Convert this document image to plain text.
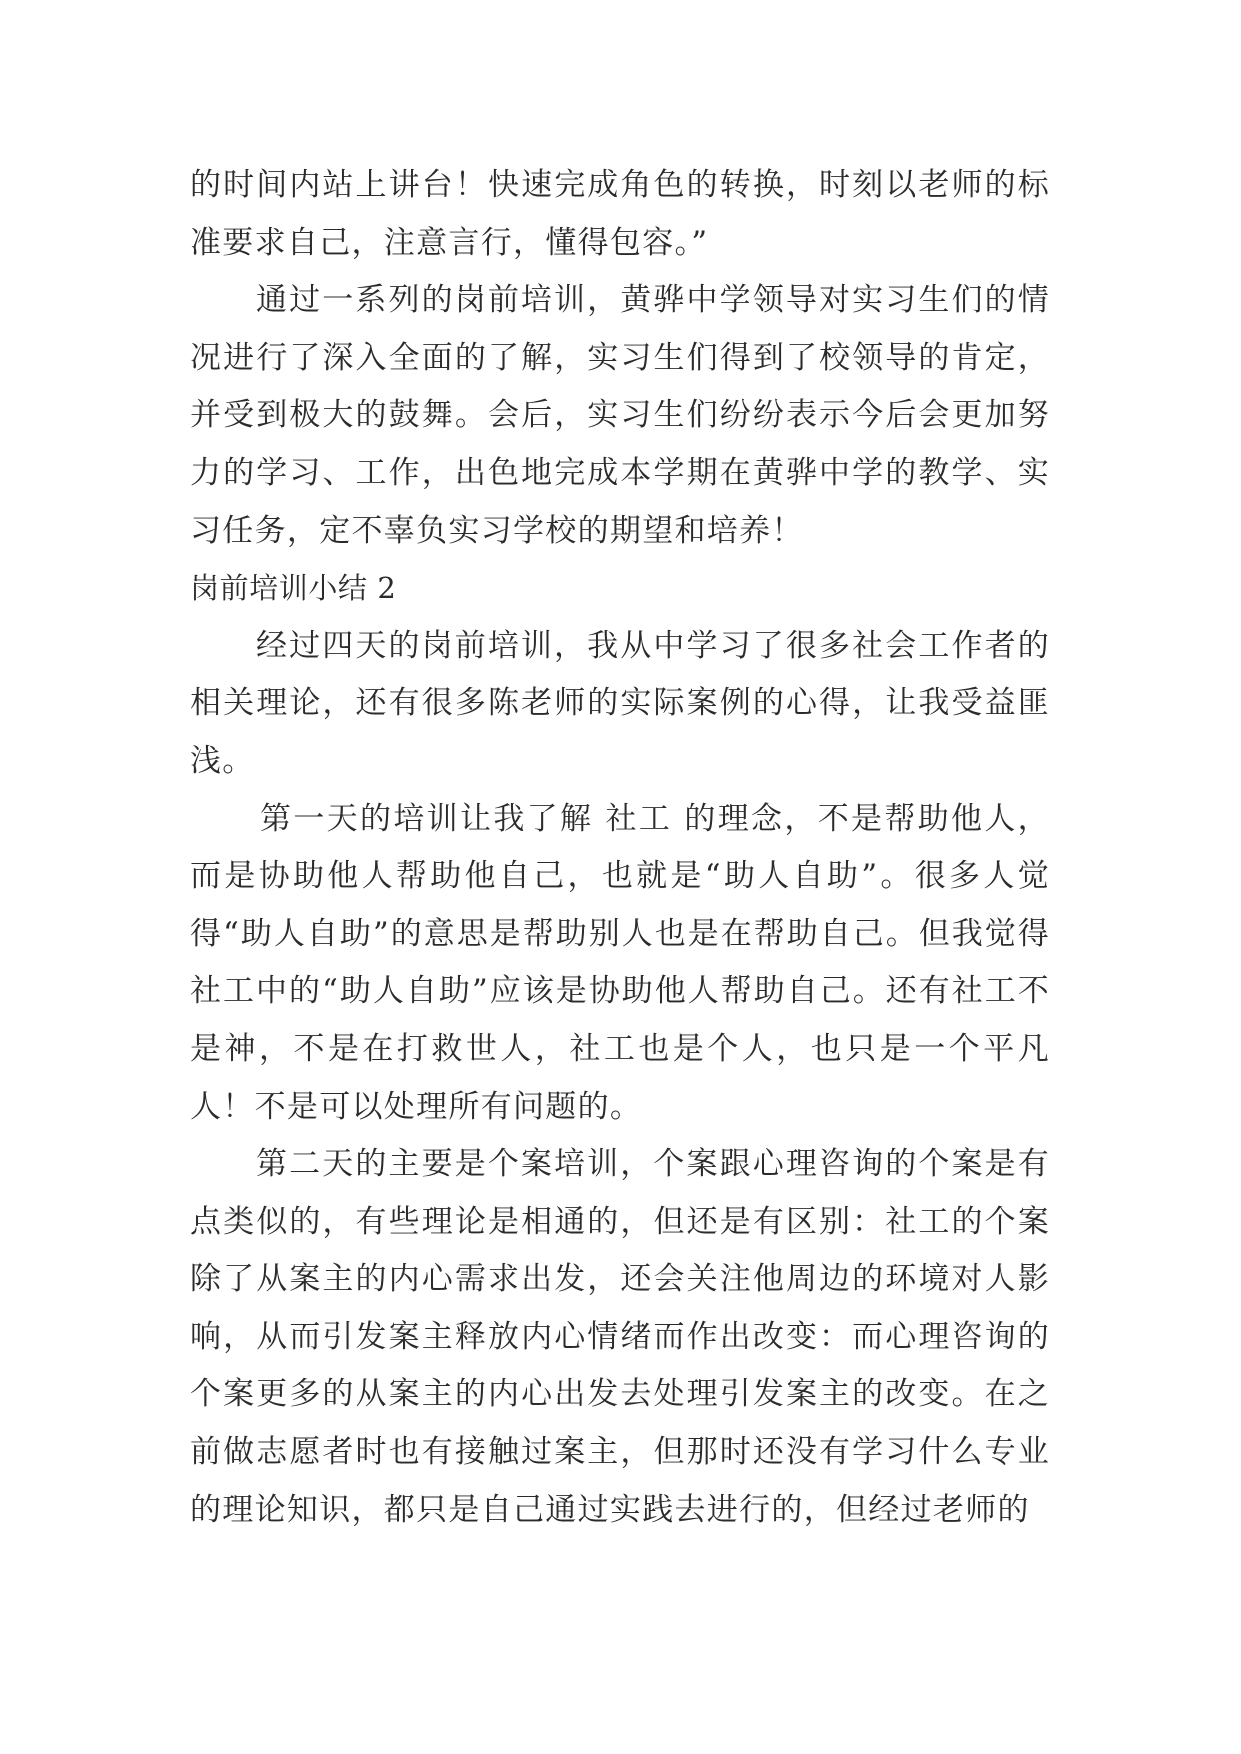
的时间内站上讲台！快速完成角色的转换，时刻以老师的标准要求自己，注意言行，懂得包容。”

通过一系列的岗前培训，黄骅中学领导对实习生们的情况进行了深入全面的了解，实习生们得到了校领导的肯定，并受到极大的鼓舞。会后，实习生们纷纷表示今后会更加努力的学习、工作，出色地完成本学期在黄骅中学的教学、实习任务，定不辜负实习学校的期望和培养！

岗前培训小结 2

经过四天的岗前培训，我从中学习了很多社会工作者的相关理论，还有很多陈老师的实际案例的心得，让我受益匪浅。

第一天的培训让我了解 社工 的理念，不是帮助他人，而是协助他人帮助他自己，也就是“助人自助”。很多人觉得“助人自助”的意思是帮助别人也是在帮助自己。但我觉得社工中的“助人自助”应该是协助他人帮助自己。还有社工不是神，不是在打救世人，社工也是个人，也只是一个平凡人！不是可以处理所有问题的。

第二天的主要是个案培训，个案跟心理咨询的个案是有点类似的，有些理论是相通的，但还是有区别：社工的个案除了从案主的内心需求出发，还会关注他周边的环境对人影响，从而引发案主释放内心情绪而作出改变：而心理咨询的个案更多的从案主的内心出发去处理引发案主的改变。在之前做志愿者时也有接触过案主，但那时还没有学习什么专业的理论知识，都只是自己通过实践去进行的，但经过老师的
